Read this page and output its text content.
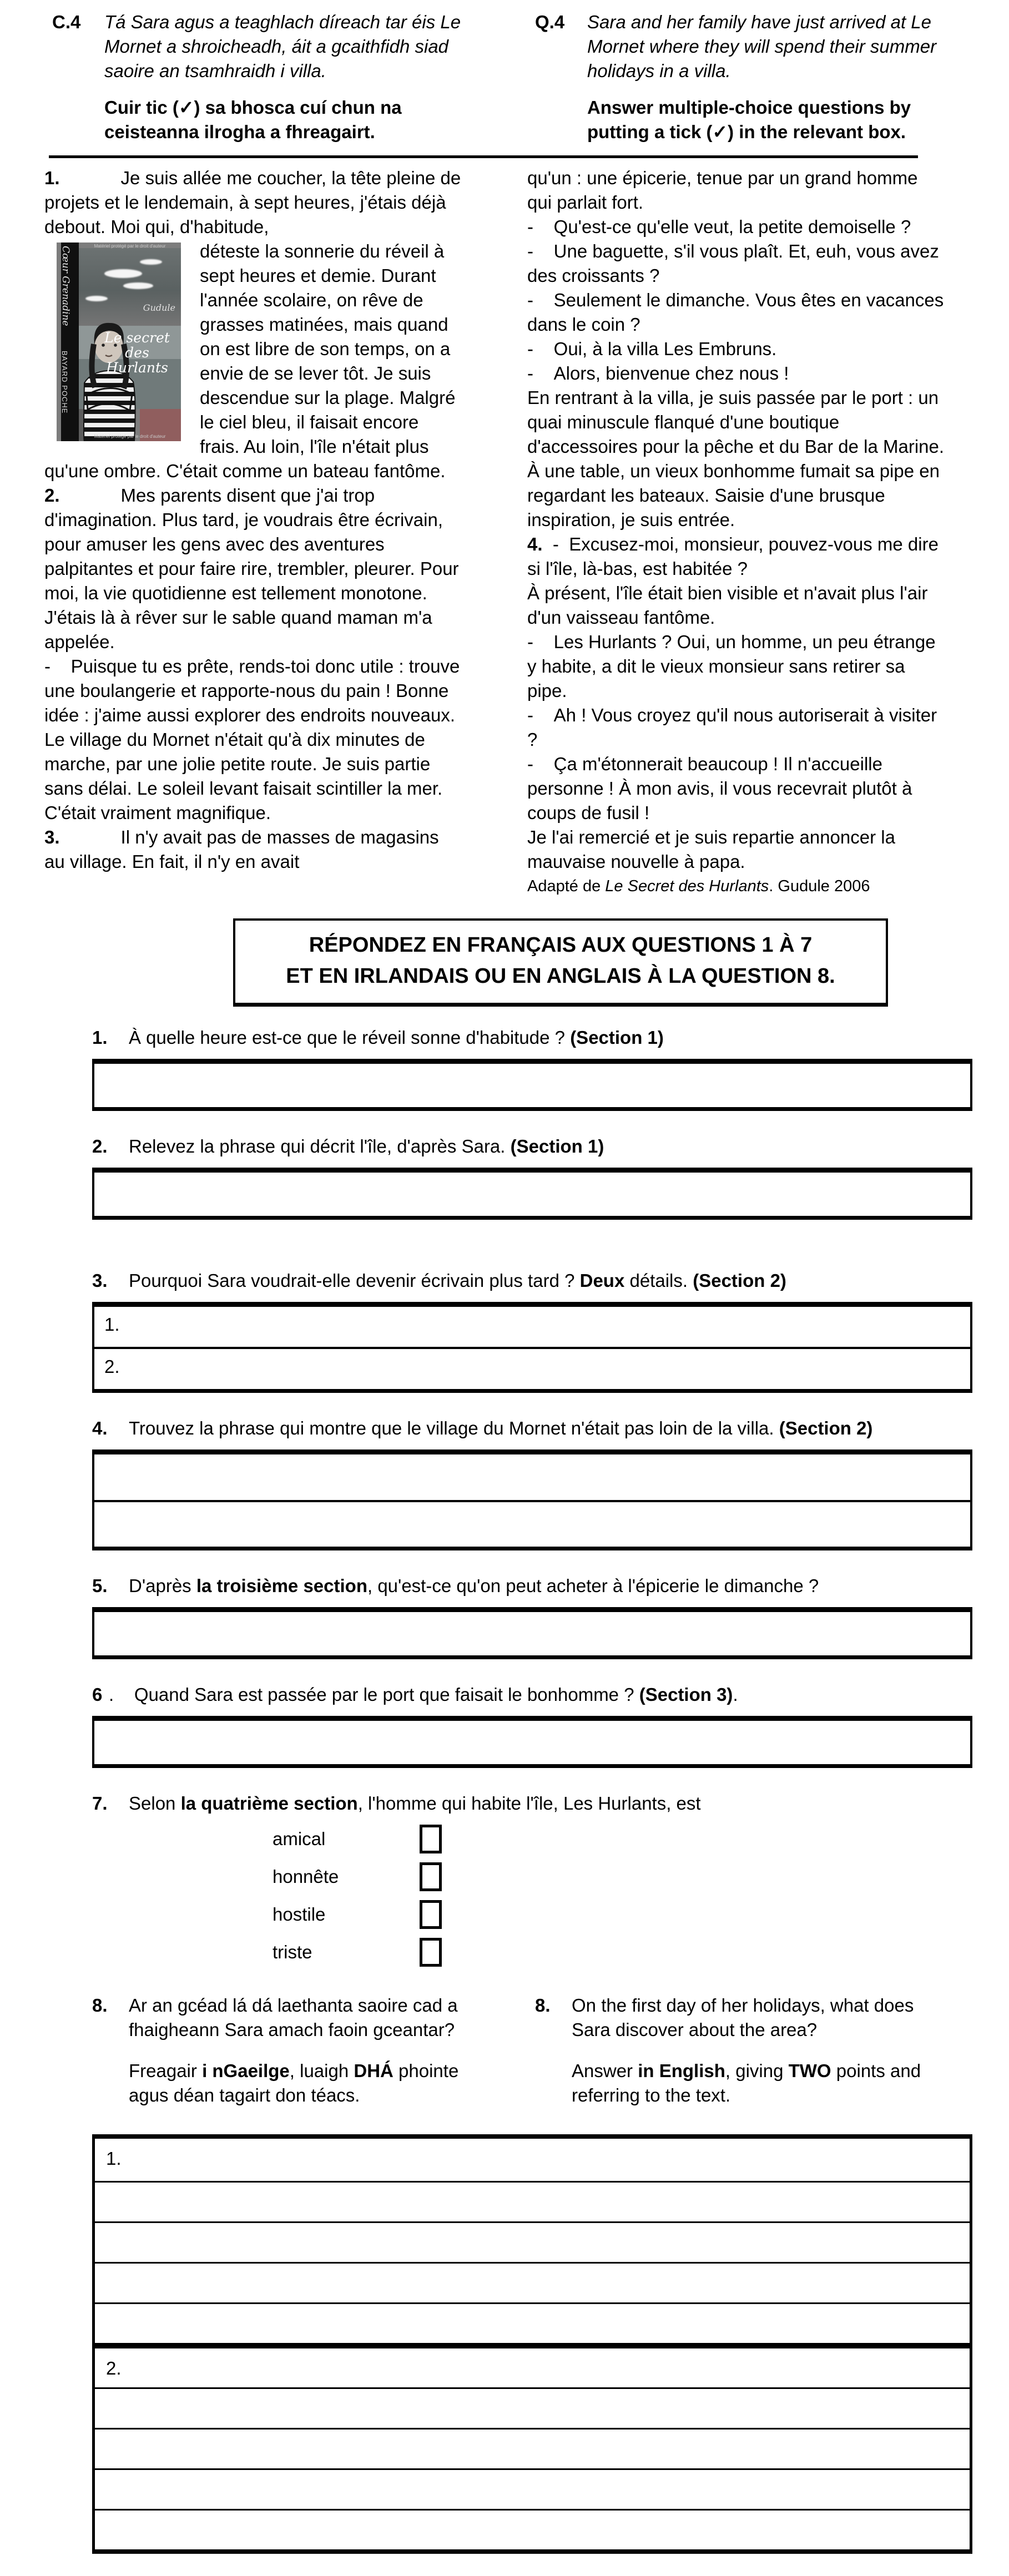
C.4	Tá Sara agus a teaghlach díreach tar éis Le Mornet a shroicheadh, áit a gcaithfidh siad saoire an tsamhraidh i villa.
Cuir tic (✓) sa bhosca cuí chun na ceisteanna ilrogha a fhreagairt.
Q.4	Sara and her family have just arrived at Le Mornet where they will spend their summer holidays in a villa.
Answer multiple-choice questions by putting a tick (✓) in the relevant box.

1.            Je suis allée me coucher, la tête pleine de projets et le lendemain, à sept heures, j'étais déjà debout. Moi qui, d'habitude,

Cœur Grenadine
BAYARD POCHE
Gudule
Le secret des Hurlants
Matériel protégé par le droit d'auteur
Matériel protégé par le droit d'auteur

déteste la sonnerie du réveil à sept heures et demie. Durant l'année scolaire, on rêve de grasses matinées, mais quand on est libre de son temps, on a envie de se lever tôt. Je suis descendue sur la plage. Malgré le ciel bleu, il faisait encore frais. Au loin, l'île n'était plus qu'une ombre. C'était comme un bateau fantôme.

2.            Mes parents disent que j'ai trop d'imagination. Plus tard, je voudrais être écrivain, pour amuser les gens avec des aventures palpitantes et pour faire rire, trembler, pleurer. Pour moi, la vie quotidienne est tellement monotone. J'étais là à rêver sur le sable quand maman m'a appelée.

-    Puisque tu es prête, rends-toi donc utile : trouve une boulangerie et rapporte-nous du pain ! Bonne idée : j'aime aussi explorer des endroits nouveaux. Le village du Mornet n'était qu'à dix minutes de marche, par une jolie petite route. Je suis partie sans délai. Le soleil levant faisait scintiller la mer. C'était vraiment magnifique.

3.            Il n'y avait pas de masses de magasins au village. En fait, il n'y en avait

qu'un : une épicerie, tenue par un grand homme qui parlait fort.

-    Qu'est-ce qu'elle veut, la petite demoiselle ?

-    Une baguette, s'il vous plaît. Et, euh, vous avez des croissants ?

-    Seulement le dimanche. Vous êtes en vacances dans le coin ?

-    Oui, à la villa Les Embruns.

-    Alors, bienvenue chez nous !

En rentrant à la villa, je suis passée par le port : un quai minuscule flanqué d'une boutique d'accessoires pour la pêche et du Bar de la Marine. À une table, un vieux bonhomme fumait sa pipe en regardant les bateaux. Saisie d'une brusque inspiration, je suis entrée.

4.  -  Excusez-moi, monsieur, pouvez-vous me dire si l'île, là-bas, est habitée ?

À présent, l'île était bien visible et n'avait plus l'air d'un vaisseau fantôme.

-    Les Hurlants ? Oui, un homme, un peu étrange y habite, a dit le vieux monsieur sans retirer sa pipe.

-    Ah ! Vous croyez qu'il nous autoriserait à visiter ?

-    Ça m'étonnerait beaucoup ! Il n'accueille personne ! À mon avis, il vous recevrait plutôt à coups de fusil !

Je l'ai remercié et je suis repartie annoncer la mauvaise nouvelle à papa.

Adapté de Le Secret des Hurlants. Gudule 2006

RÉPONDEZ EN FRANÇAIS AUX QUESTIONS 1 À 7
ET EN IRLANDAIS OU EN ANGLAIS À LA QUESTION 8.
1.	À quelle heure est-ce que le réveil sonne d'habitude ? (Section 1)
2.	Relevez la phrase qui décrit l'île, d'après Sara. (Section 1)
3.	Pourquoi Sara voudrait-elle devenir écrivain plus tard ? Deux détails. (Section 2)
1.
2.
4.	Trouvez la phrase qui montre que le village du Mornet n'était pas loin de la villa. (Section 2)
5.	D'après la troisième section, qu'est-ce qu'on peut acheter à l'épicerie le dimanche ?
6 .    Quand Sara est passée par le port que faisait le bonhomme ? (Section 3).
7.	Selon la quatrième section, l'homme qui habite l'île, Les Hurlants, est
amical
honnête
hostile
triste
8.	Ar an gcéad lá dá laethanta saoire cad a fhaigheann Sara amach faoin gceantar?
Freagair i nGaeilge, luaigh DHÁ phointe agus déan tagairt don téacs.
8.	On the first day of her holidays, what does Sara discover about the area?
Answer in English, giving TWO points and referring to the text.
1.
2.
